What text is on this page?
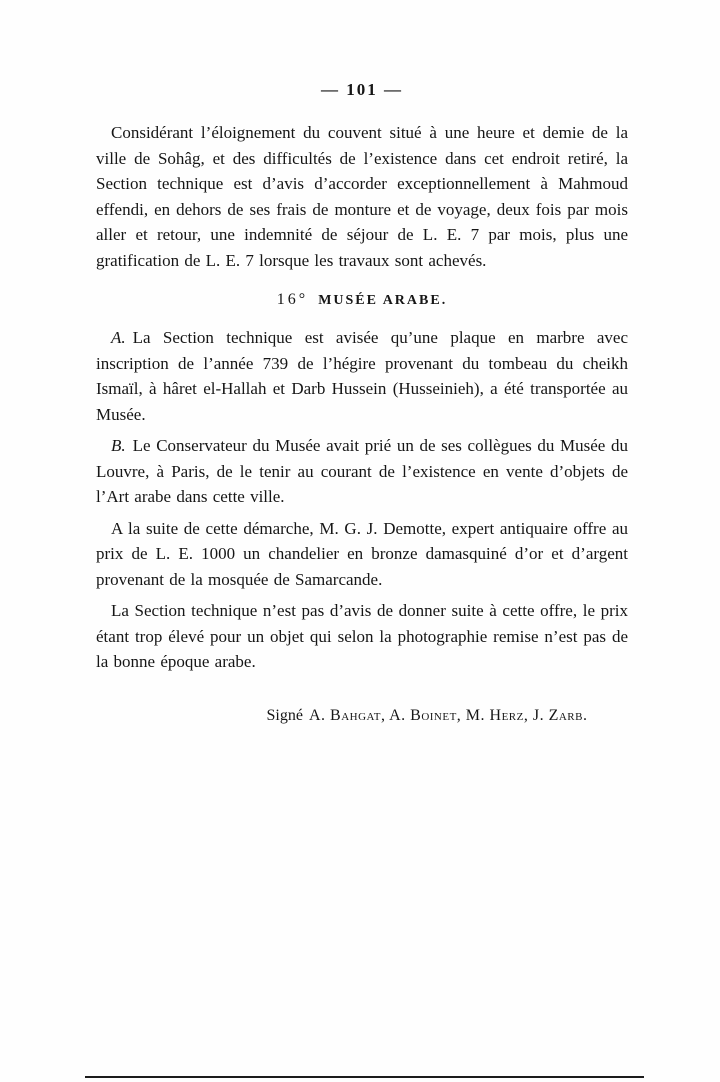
— 101 —

Considérant l’éloignement du couvent situé à une heure et demie de la ville de Sohâg, et des difficultés de l’existence dans cet endroit retiré, la Section technique est d’avis d’accorder exceptionnellement à Mahmoud effendi, en dehors de ses frais de monture et de voyage, deux fois par mois aller et retour, une indemnité de séjour de L. E. 7 par mois, plus une gratification de L. E. 7 lorsque les travaux sont achevés.

16° MUSÉE ARABE.

A. La Section technique est avisée qu’une plaque en marbre avec inscription de l’année 739 de l’hégire provenant du tombeau du cheikh Ismaïl, à hâret el-Hallah et Darb Hussein (Husseinieh), a été transportée au Musée.

B. Le Conservateur du Musée avait prié un de ses collègues du Musée du Louvre, à Paris, de le tenir au courant de l’existence en vente d’objets de l’Art arabe dans cette ville.

A la suite de cette démarche, M. G. J. Demotte, expert antiquaire offre au prix de L. E. 1000 un chandelier en bronze damasquiné d’or et d’argent provenant de la mosquée de Samarcande.

La Section technique n’est pas d’avis de donner suite à cette offre, le prix étant trop élevé pour un objet qui selon la photographie remise n’est pas de la bonne époque arabe.

Signé A. Bahgat, A. Boinet, M. Herz, J. Zarb.
